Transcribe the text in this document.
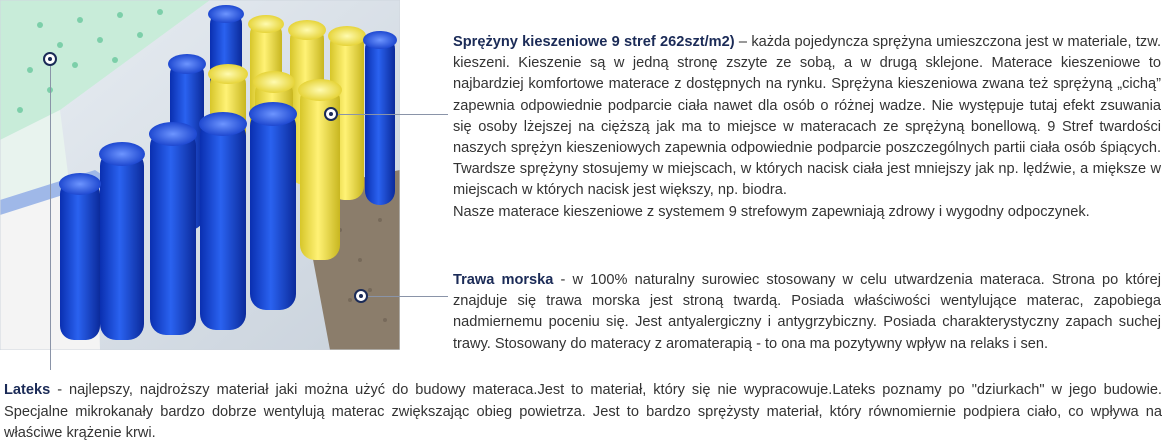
Sprężyny kieszeniowe 9 stref 262szt/m2) – każda pojedyncza sprężyna umieszczona jest w materiale, tzw. kieszeni. Kieszenie są w jedną stronę zszyte ze sobą, a w drugą sklejone. Materace kieszeniowe to najbardziej komfortowe materace z dostępnych na rynku. Sprężyna kieszeniowa zwana też sprężyną „cichą” zapewnia odpowiednie podparcie ciała nawet dla osób o różnej wadze. Nie występuje tutaj efekt zsuwania się osoby lżejszej na cięższą jak ma to miejsce w materacach ze sprężyną bonellową. 9 Stref twardości naszych sprężyn kieszeniowych zapewnia odpowiednie podparcie poszczególnych partii ciała osób śpiących. Twardsze sprężyny stosujemy w miejscach, w których nacisk ciała jest mniejszy jak np. lędźwie, a miększe w miejscach w których nacisk jest większy, np. biodra.
Nasze materace kieszeniowe z systemem 9 strefowym zapewniają zdrowy i wygodny odpoczynek.
Trawa morska - w 100% naturalny surowiec stosowany w celu utwardzenia materaca. Strona po której znajduje się trawa morska jest stroną twardą. Posiada właściwości wentylujące materac, zapobiega nadmiernemu poceniu się. Jest antyalergiczny i antygrzybiczny. Posiada charakterystyczny zapach suchej trawy. Stosowany do materacy z aromaterapią - to ona ma pozytywny wpływ na relaks i sen.
Lateks - najlepszy, najdroższy materiał jaki można użyć do budowy materaca.Jest to materiał, który się nie wypracowuje.Lateks poznamy po "dziurkach" w jego budowie. Specjalne mikrokanały bardzo dobrze wentylują materac zwiększając obieg powietrza. Jest to bardzo sprężysty materiał, który równomiernie podpiera ciało, co wpływa na właściwe krążenie krwi.
